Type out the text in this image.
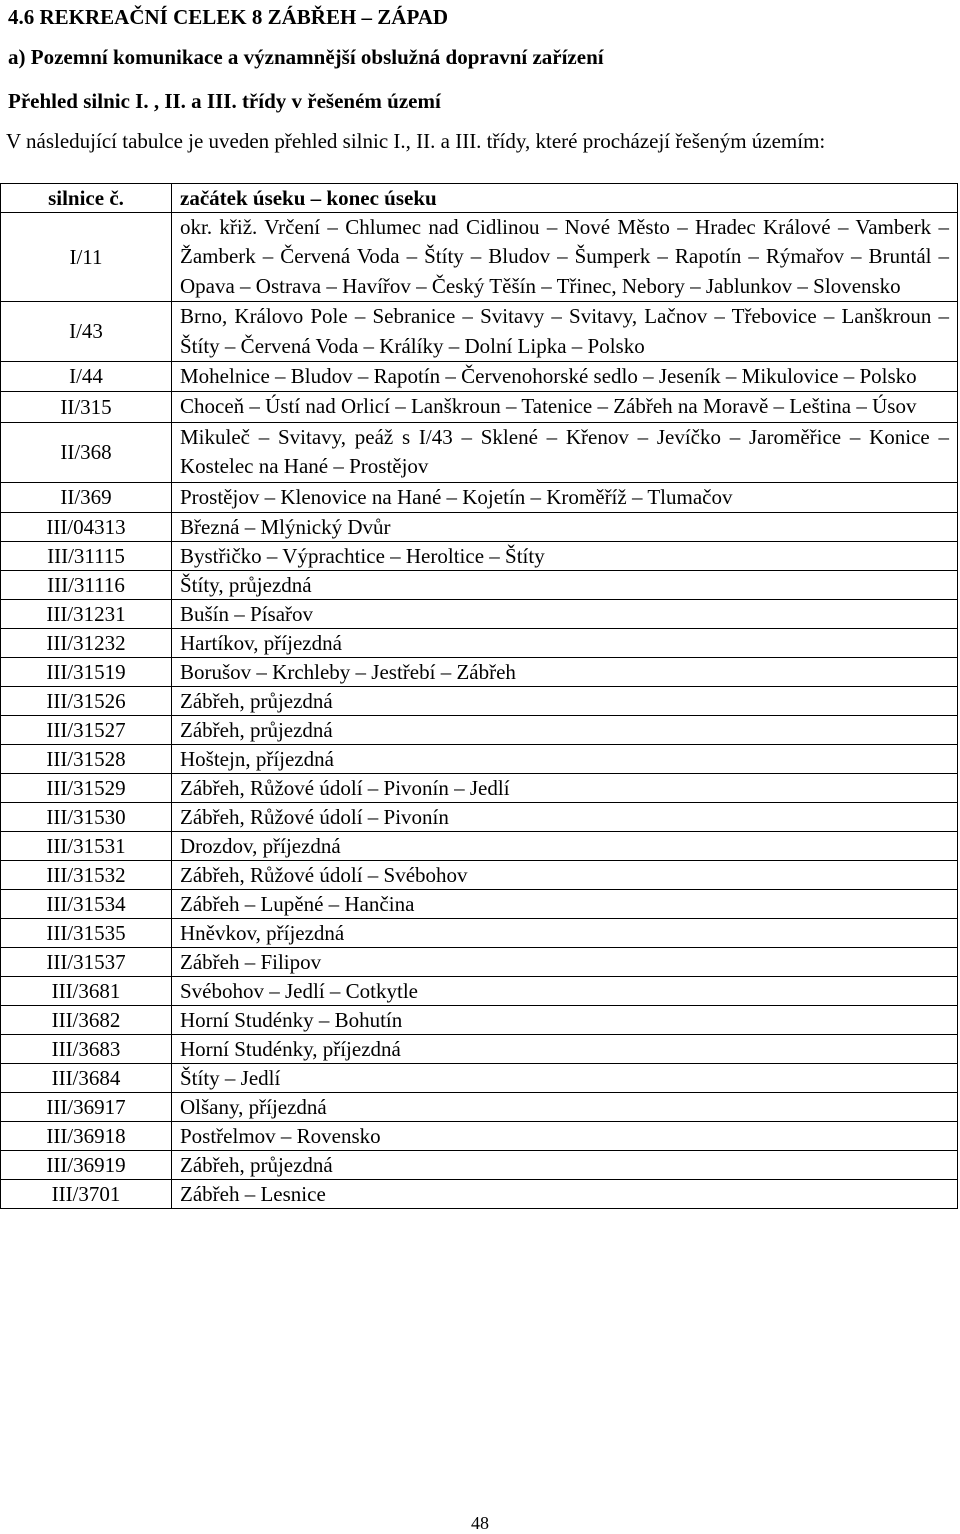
4.6 REKREAČNÍ CELEK 8 ZÁBŘEH – ZÁPAD
a) Pozemní komunikace a významnější obslužná dopravní zařízení
Přehled silnic I. , II. a III. třídy v řešeném území
V následující tabulce je uveden přehled silnic I., II. a III. třídy, které procházejí řešeným územím:
silnice č.	začátek úseku – konec úseku
I/11	okr. křiž. Vrčení – Chlumec nad Cidlinou – Nové Město – Hradec Králové – Vamberk – Žamberk – Červená Voda – Štíty – Bludov – Šumperk – Rapotín – Rýmařov – Bruntál – Opava – Ostrava – Havířov – Český Těšín – Třinec, Nebory – Jablunkov – Slovensko
I/43	Brno, Královo Pole – Sebranice – Svitavy – Svitavy, Lačnov – Třebovice – Lanškroun – Štíty – Červená Voda – Králíky – Dolní Lipka – Polsko
I/44	Mohelnice – Bludov – Rapotín – Červenohorské sedlo – Jeseník – Mikulovice – Polsko
II/315	Choceň – Ústí nad Orlicí – Lanškroun – Tatenice – Zábřeh na Moravě – Leština – Úsov
II/368	Mikuleč – Svitavy, peáž s I/43 – Sklené – Křenov – Jevíčko – Jaroměřice – Konice – Kostelec na Hané – Prostějov
II/369	Prostějov – Klenovice na Hané – Kojetín – Kroměříž – Tlumačov
III/04313	Březná – Mlýnický Dvůr
III/31115	Bystřičko – Výprachtice – Heroltice – Štíty
III/31116	Štíty, průjezdná
III/31231	Bušín – Písařov
III/31232	Hartíkov, příjezdná
III/31519	Borušov – Krchleby – Jestřebí – Zábřeh
III/31526	Zábřeh, průjezdná
III/31527	Zábřeh, průjezdná
III/31528	Hoštejn, příjezdná
III/31529	Zábřeh, Růžové údolí – Pivonín – Jedlí
III/31530	Zábřeh, Růžové údolí – Pivonín
III/31531	Drozdov, příjezdná
III/31532	Zábřeh, Růžové údolí – Svébohov
III/31534	Zábřeh – Lupěné – Hančina
III/31535	Hněvkov, příjezdná
III/31537	Zábřeh – Filipov
III/3681	Svébohov – Jedlí – Cotkytle
III/3682	Horní Studénky – Bohutín
III/3683	Horní Studénky, příjezdná
III/3684	Štíty – Jedlí
III/36917	Olšany, příjezdná
III/36918	Postřelmov – Rovensko
III/36919	Zábřeh, průjezdná
III/3701	Zábřeh – Lesnice
48
